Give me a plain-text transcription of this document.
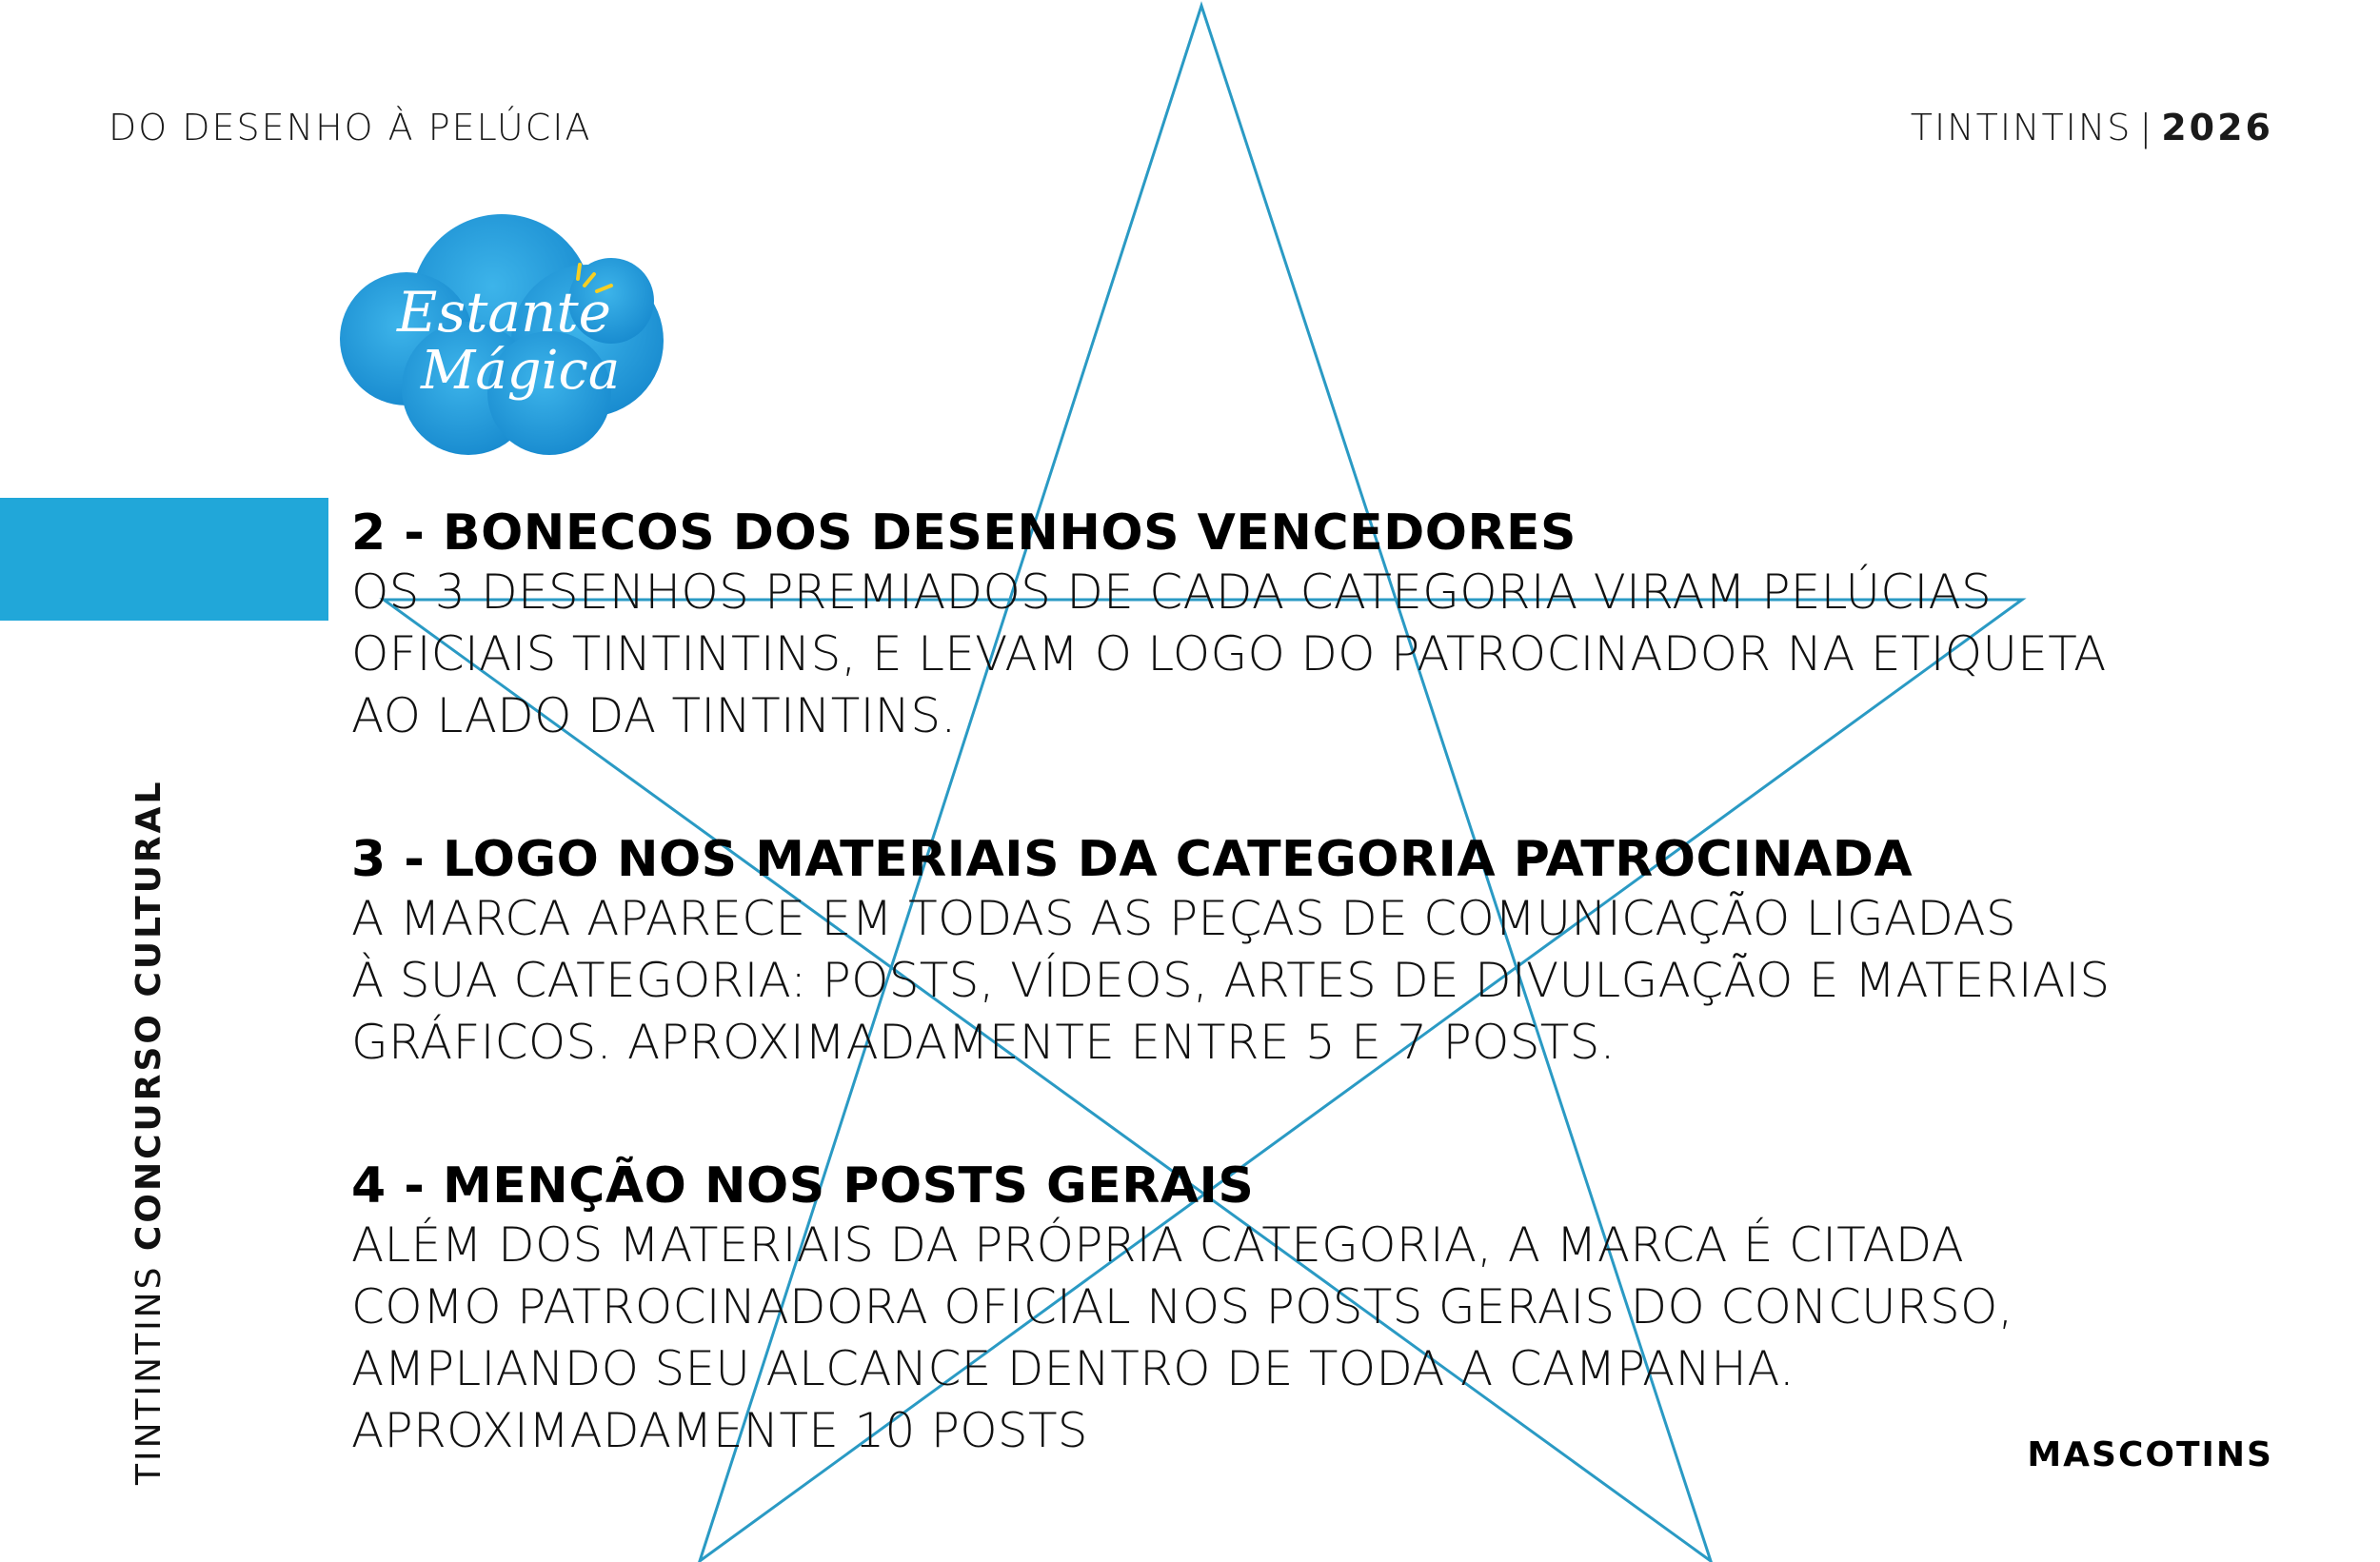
DO DESENHO À PELÚCIA	TINTINTINS | 2026
Estante
Mágica
TINTINTINS CONCURSO CULTURAL
2 - BONECOS DOS DESENHOS VENCEDORES
OS 3 DESENHOS PREMIADOS DE CADA CATEGORIA VIRAM PELÚCIAS
OFICIAIS TINTINTINS, E LEVAM O LOGO DO PATROCINADOR NA ETIQUETA
AO LADO DA TINTINTINS.
3 - LOGO NOS MATERIAIS DA CATEGORIA PATROCINADA
A MARCA APARECE EM TODAS AS PEÇAS DE COMUNICAÇÃO LIGADAS
À SUA CATEGORIA: POSTS, VÍDEOS, ARTES DE DIVULGAÇÃO E MATERIAIS
GRÁFICOS. APROXIMADAMENTE ENTRE 5 E 7 POSTS.
4 - MENÇÃO NOS POSTS GERAIS
ALÉM DOS MATERIAIS DA PRÓPRIA CATEGORIA, A MARCA É CITADA
COMO PATROCINADORA OFICIAL NOS POSTS GERAIS DO CONCURSO,
AMPLIANDO SEU ALCANCE DENTRO DE TODA A CAMPANHA.
APROXIMADAMENTE 10 POSTS	MASCOTINS
